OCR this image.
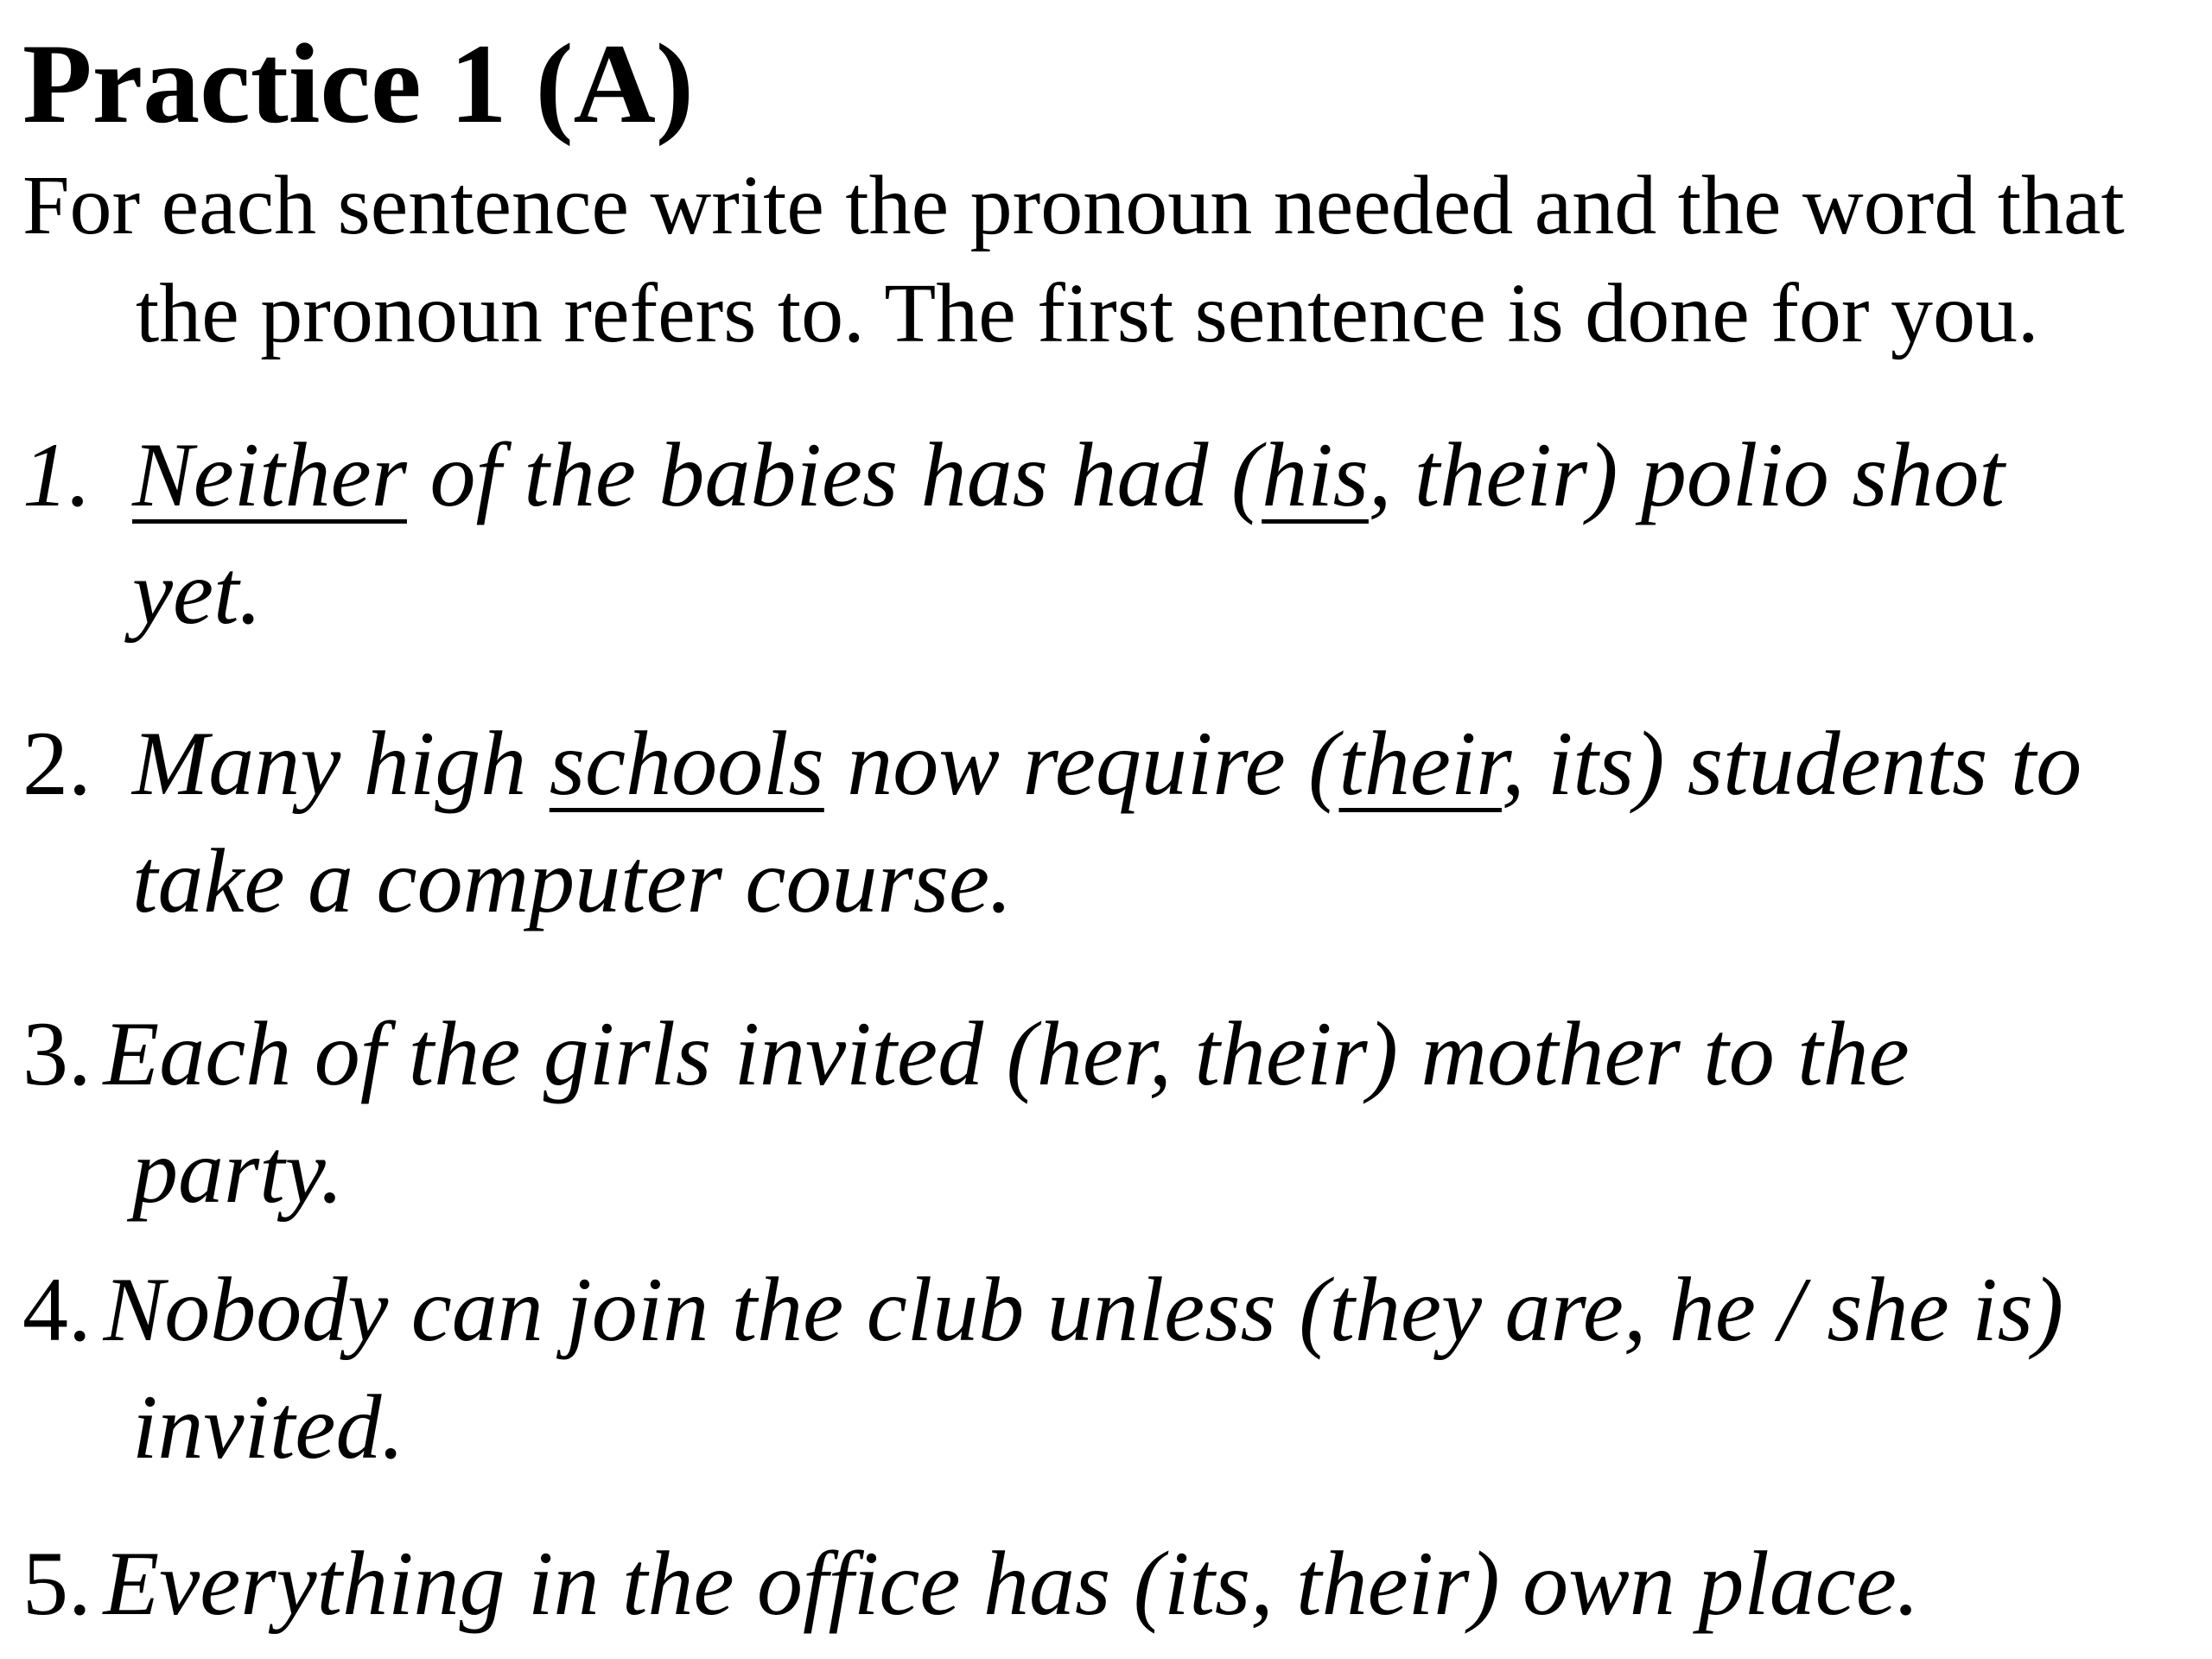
Practice 1 (A)
For each sentence write the pronoun needed and the word that
the pronoun refers to. The first sentence is done for you.
1. Neither of the babies has had (his, their) polio shot
yet.
2. Many high schools now require (their, its) students to
take a computer course.
3. Each of the girls invited (her, their) mother to the
party.
4. Nobody can join the club unless (they are, he / she is)
invited.
5. Everything in the office has (its, their) own place.
